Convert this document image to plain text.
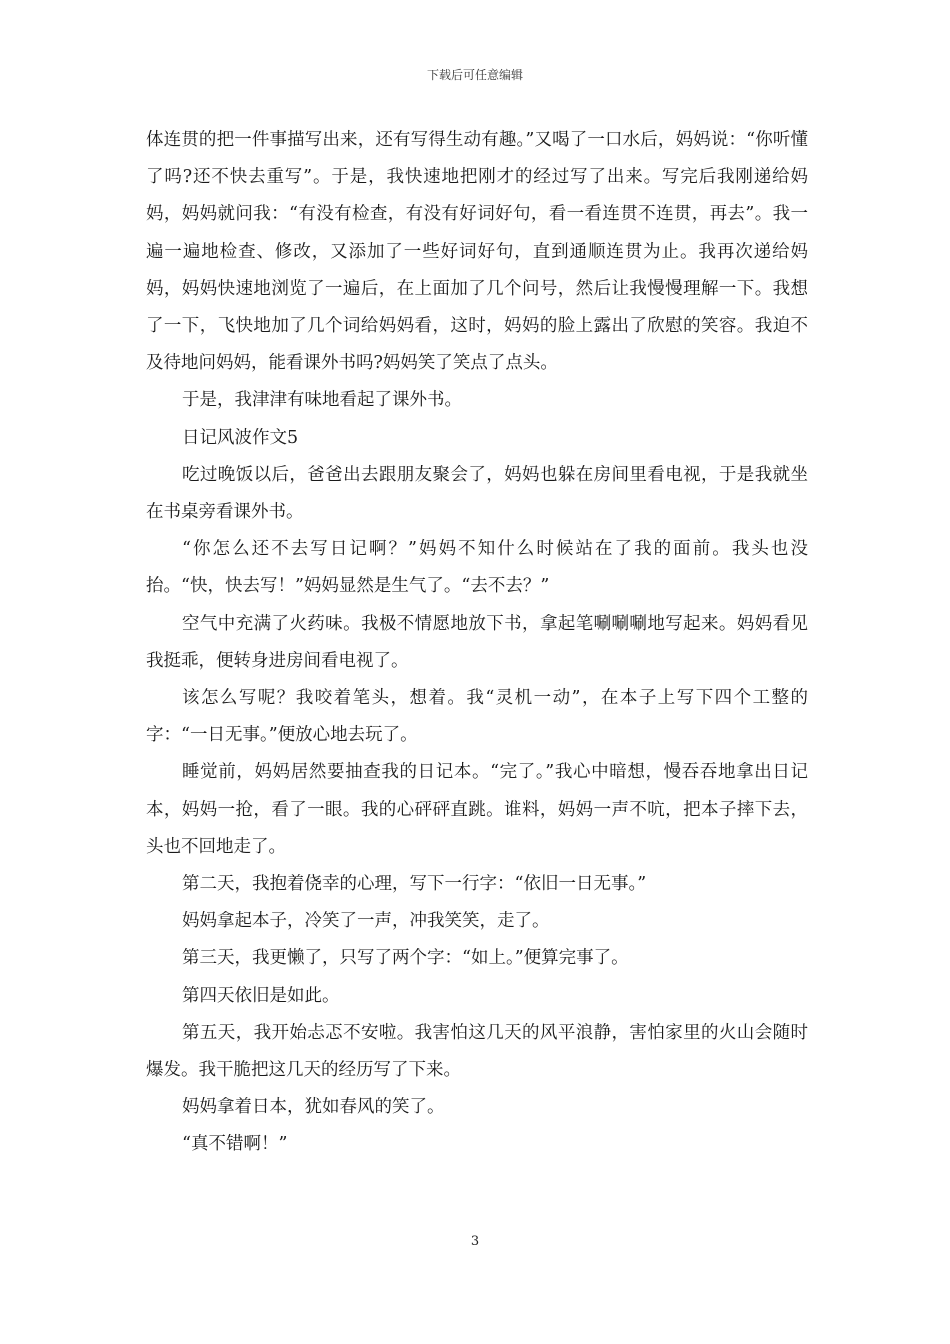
下载后可任意编辑

体连贯的把一件事描写出来，还有写得生动有趣。”又喝了一口水后，妈妈说：“你听懂了吗?还不快去重写”。于是，我快速地把刚才的经过写了出来。写完后我刚递给妈妈，妈妈就问我：“有没有检查，有没有好词好句，看一看连贯不连贯，再去”。我一遍一遍地检查、修改，又添加了一些好词好句，直到通顺连贯为止。我再次递给妈妈，妈妈快速地浏览了一遍后，在上面加了几个问号，然后让我慢慢理解一下。我想了一下，飞快地加了几个词给妈妈看，这时，妈妈的脸上露出了欣慰的笑容。我迫不及待地问妈妈，能看课外书吗?妈妈笑了笑点了点头。

于是，我津津有味地看起了课外书。

日记风波作文5

吃过晚饭以后，爸爸出去跟朋友聚会了，妈妈也躲在房间里看电视，于是我就坐在书桌旁看课外书。

“你怎么还不去写日记啊？”妈妈不知什么时候站在了我的面前。我头也没抬。“快，快去写！”妈妈显然是生气了。“去不去？”

空气中充满了火药味。我极不情愿地放下书，拿起笔唰唰唰地写起来。妈妈看见我挺乖，便转身进房间看电视了。

该怎么写呢？我咬着笔头，想着。我“灵机一动”，在本子上写下四个工整的字：“一日无事。”便放心地去玩了。

睡觉前，妈妈居然要抽查我的日记本。“完了。”我心中暗想，慢吞吞地拿出日记本，妈妈一抢，看了一眼。我的心砰砰直跳。谁料，妈妈一声不吭，把本子摔下去，头也不回地走了。

第二天，我抱着侥幸的心理，写下一行字：“依旧一日无事。”

妈妈拿起本子，冷笑了一声，冲我笑笑，走了。

第三天，我更懒了，只写了两个字：“如上。”便算完事了。

第四天依旧是如此。

第五天，我开始忐忑不安啦。我害怕这几天的风平浪静，害怕家里的火山会随时爆发。我干脆把这几天的经历写了下来。

妈妈拿着日本，犹如春风的笑了。

“真不错啊！”

3
